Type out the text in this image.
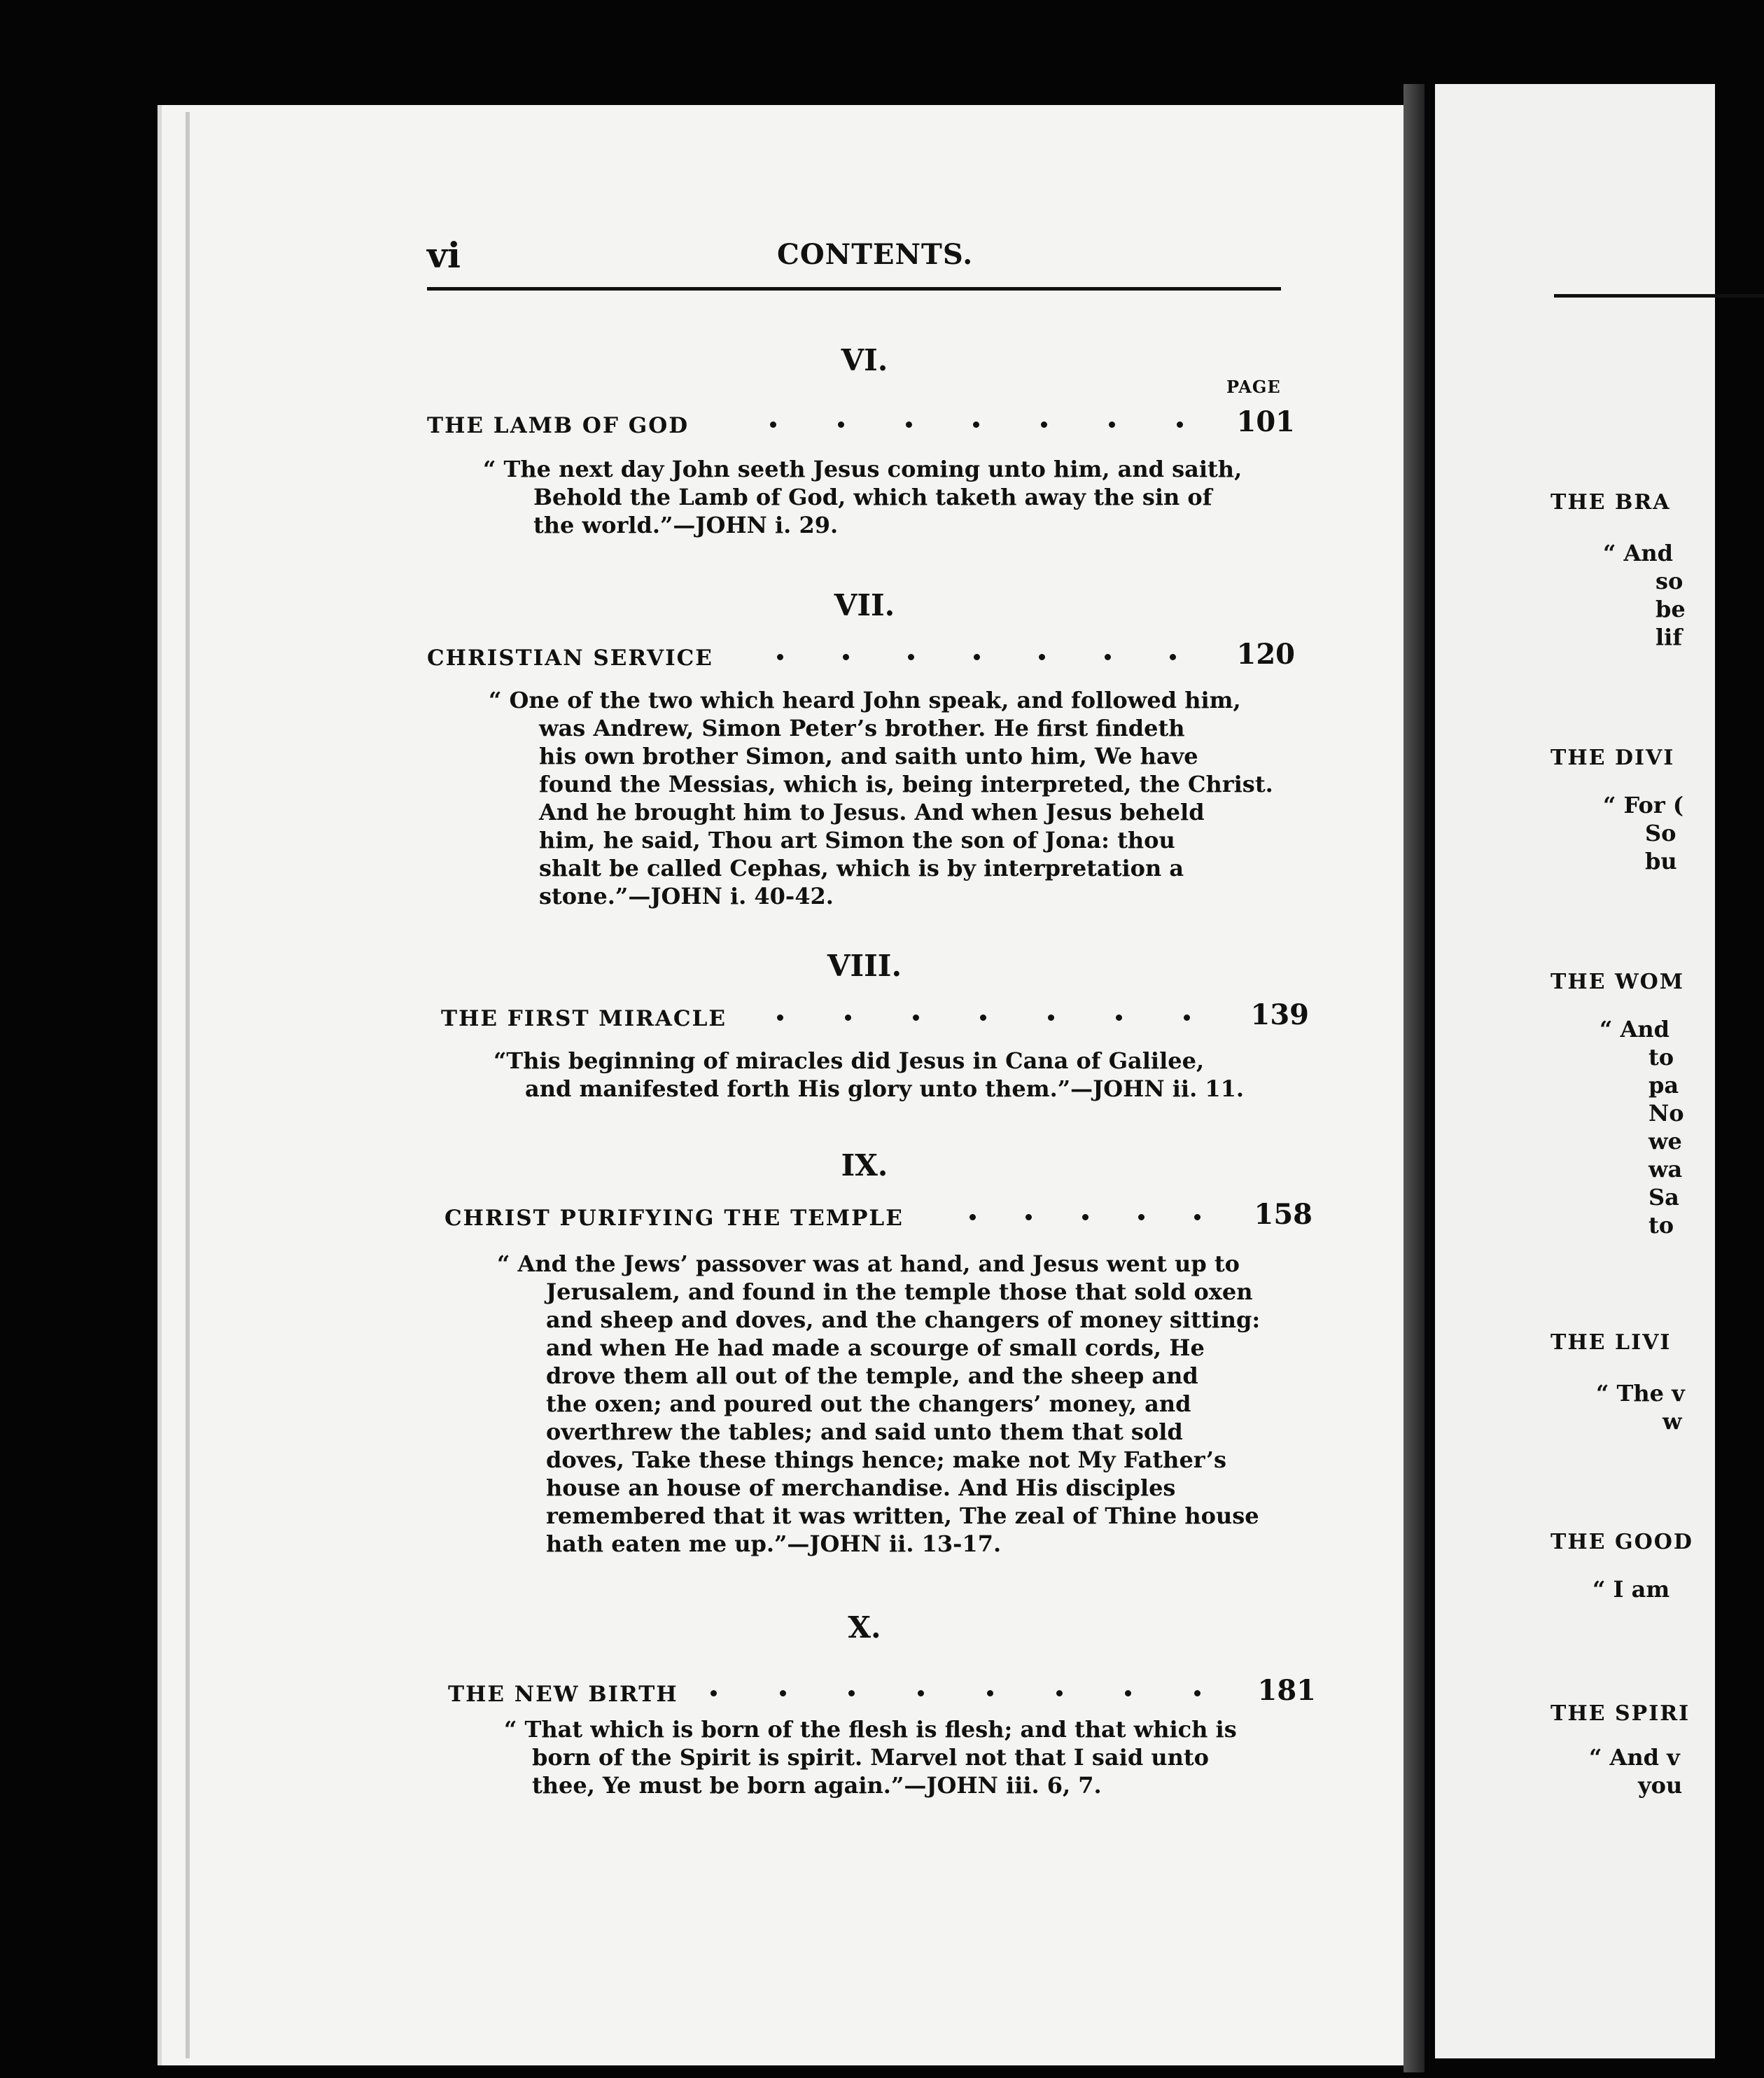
THE BRA
“ And
so
be
lif
THE DIVI
“ For (
So
bu
THE WOM
“ And
to
pa
No
we
wa
Sa
to
THE LIVI
“ The v
w
THE GOOD
“ I am
THE SPIRI
“ And v
you
vi	CONTENTS.
PAGE
VI.
THE LAMB OF GOD	101
“ The next day John seeth Jesus coming unto him, and saith,
Behold the Lamb of God, which taketh away the sin of
the world.”—JOHN i. 29.
VII.
CHRISTIAN SERVICE	120
“ One of the two which heard John speak, and followed him,
was Andrew, Simon Peter’s brother. He first findeth
his own brother Simon, and saith unto him, We have
found the Messias, which is, being interpreted, the Christ.
And he brought him to Jesus. And when Jesus beheld
him, he said, Thou art Simon the son of Jona: thou
shalt be called Cephas, which is by interpretation a
stone.”—JOHN i. 40-42.
VIII.
THE FIRST MIRACLE	139
“This beginning of miracles did Jesus in Cana of Galilee,
and manifested forth His glory unto them.”—JOHN ii. 11.
IX.
CHRIST PURIFYING THE TEMPLE	158
“ And the Jews’ passover was at hand, and Jesus went up to
Jerusalem, and found in the temple those that sold oxen
and sheep and doves, and the changers of money sitting:
and when He had made a scourge of small cords, He
drove them all out of the temple, and the sheep and
the oxen; and poured out the changers’ money, and
overthrew the tables; and said unto them that sold
doves, Take these things hence; make not My Father’s
house an house of merchandise. And His disciples
remembered that it was written, The zeal of Thine house
hath eaten me up.”—JOHN ii. 13-17.
X.
THE NEW BIRTH	181
“ That which is born of the flesh is flesh; and that which is
born of the Spirit is spirit. Marvel not that I said unto
thee, Ye must be born again.”—JOHN iii. 6, 7.
